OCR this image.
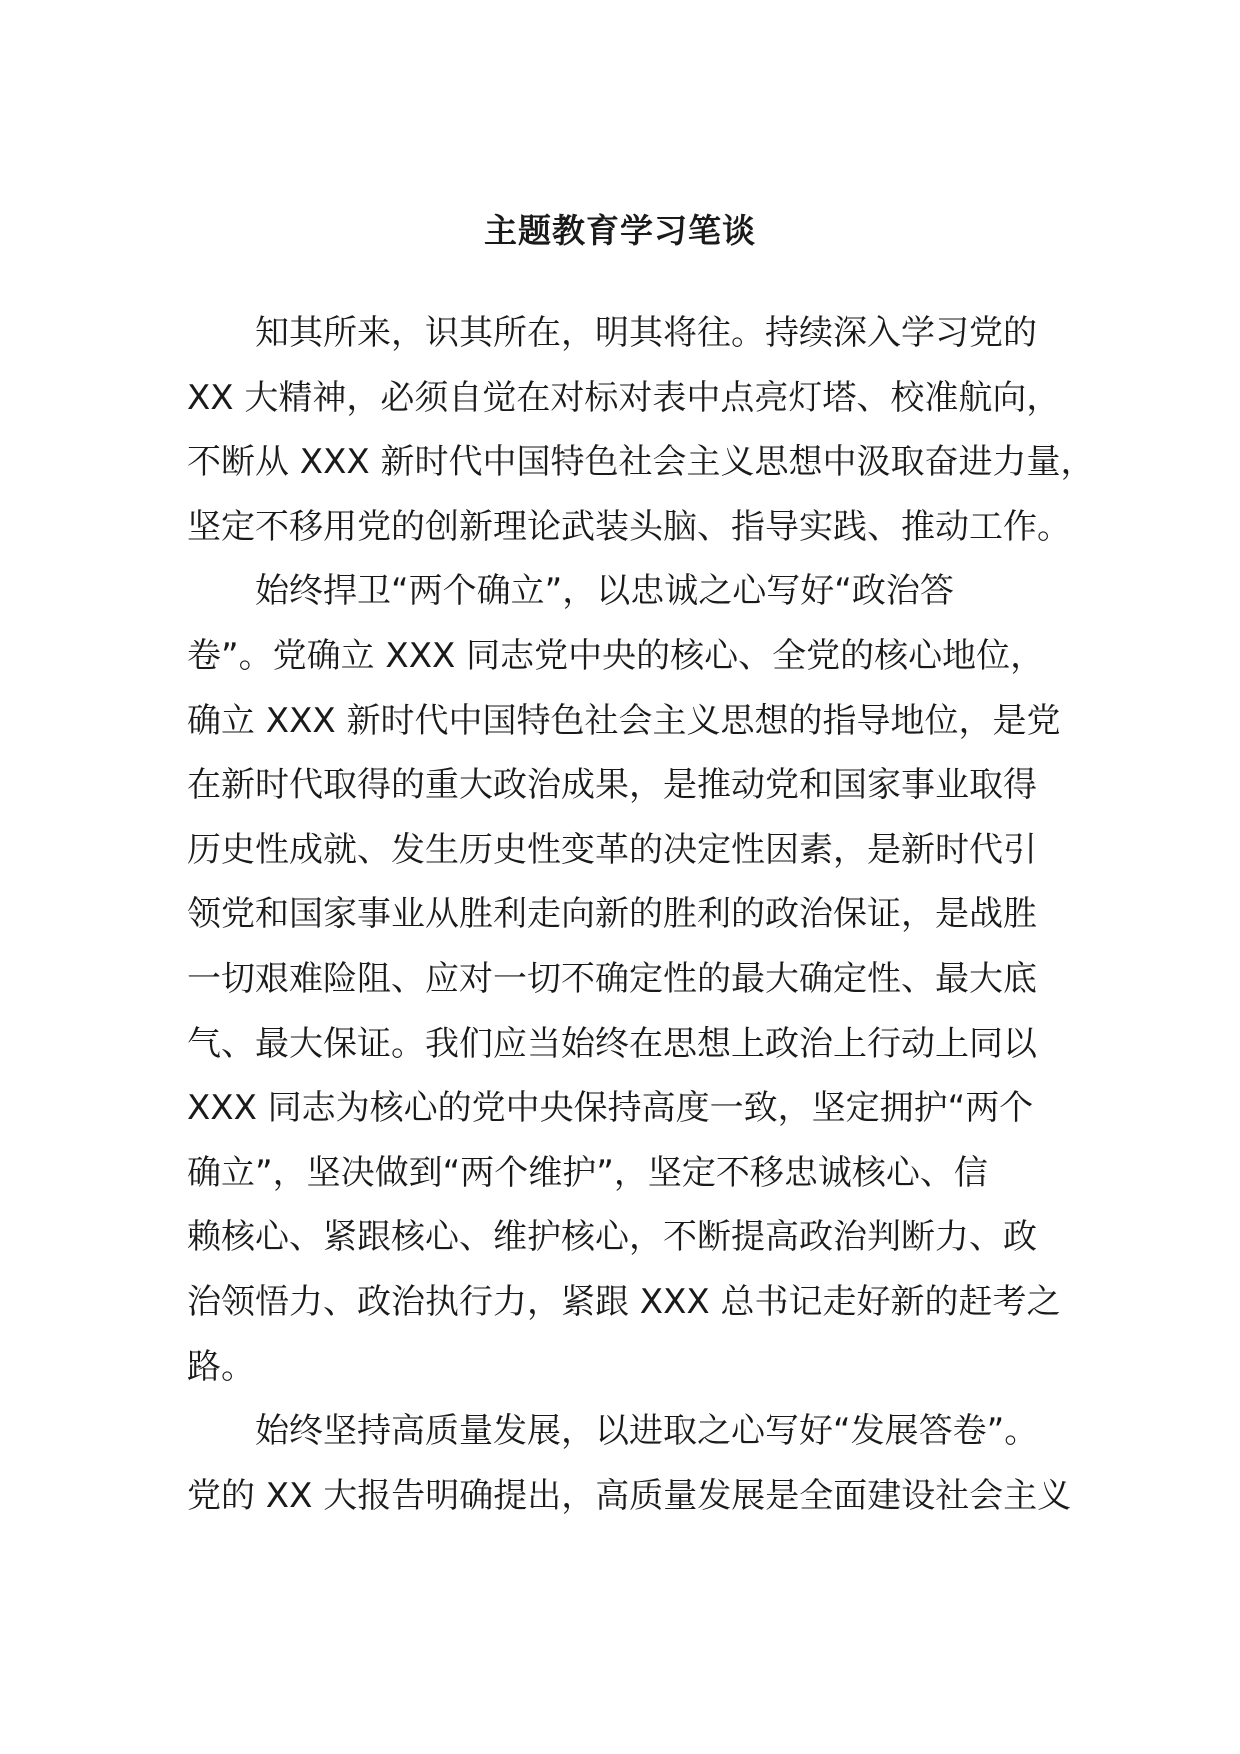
主题教育学习笔谈
知其所来，识其所在，明其将往。持续深入学习党的
XX 大精神，必须自觉在对标对表中点亮灯塔、校准航向，
不断从 XXX 新时代中国特色社会主义思想中汲取奋进力量，
坚定不移用党的创新理论武装头脑、指导实践、推动工作。
始终捍卫“两个确立”，以忠诚之心写好“政治答
卷”。党确立 XXX 同志党中央的核心、全党的核心地位，
确立 XXX 新时代中国特色社会主义思想的指导地位，是党
在新时代取得的重大政治成果，是推动党和国家事业取得
历史性成就、发生历史性变革的决定性因素，是新时代引
领党和国家事业从胜利走向新的胜利的政治保证，是战胜
一切艰难险阻、应对一切不确定性的最大确定性、最大底
气、最大保证。我们应当始终在思想上政治上行动上同以
XXX 同志为核心的党中央保持高度一致，坚定拥护“两个
确立”，坚决做到“两个维护”，坚定不移忠诚核心、信
赖核心、紧跟核心、维护核心，不断提高政治判断力、政
治领悟力、政治执行力，紧跟 XXX 总书记走好新的赶考之
路。
始终坚持高质量发展，以进取之心写好“发展答卷”。
党的 XX 大报告明确提出，高质量发展是全面建设社会主义
